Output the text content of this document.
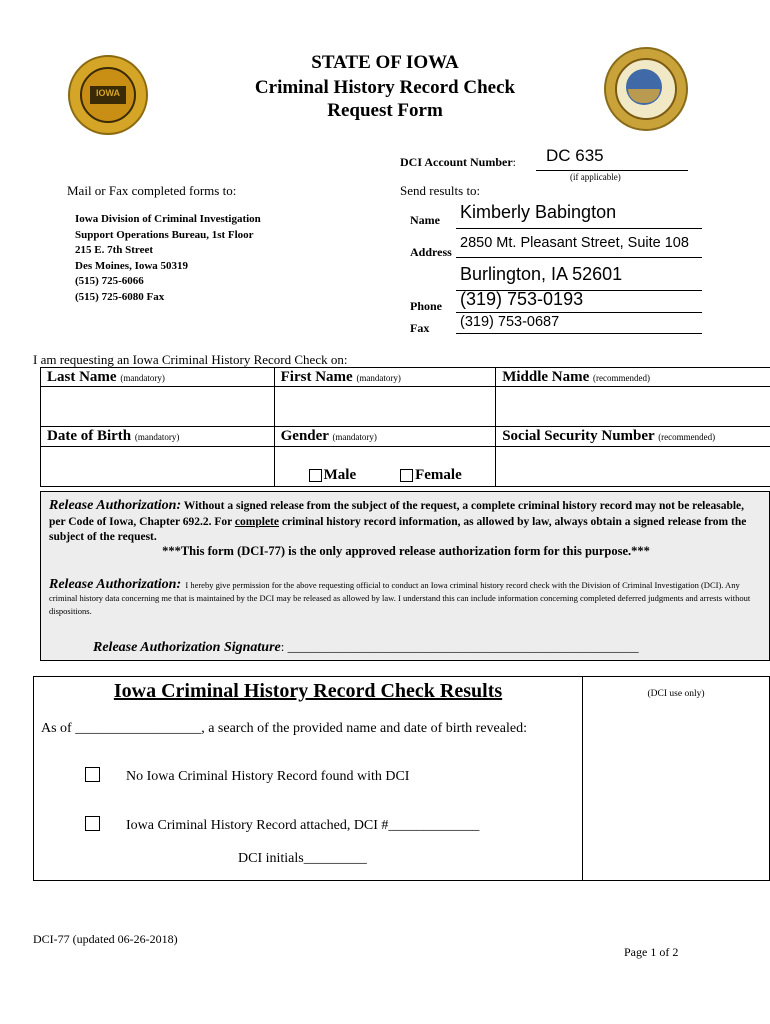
IOWA
STATE OF IOWA
Criminal History Record Check
Request Form
DCI Account Number:	DC 635
(if applicable)
Mail or Fax completed forms to:
Iowa Division of Criminal Investigation
Support Operations Bureau, 1st Floor
215 E. 7th Street
Des Moines, Iowa 50319
(515) 725-6066
(515) 725-6080 Fax
Send results to:
Name Kimberly Babington
Address
2850 Mt. Pleasant Street, Suite 108
Burlington, IA 52601
Phone (319) 753-0193
Fax (319) 753-0687
I am requesting an Iowa Criminal History Record Check on:
Last Name (mandatory)	First Name (mandatory)	Middle Name (recommended)

Date of Birth (mandatory)	Gender (mandatory)	Social Security Number (recommended)
	Male Female	
Release Authorization: Without a signed release from the subject of the request, a complete criminal history record may not be releasable, per Code of Iowa, Chapter 692.2. For complete criminal history record information, as allowed by law, always obtain a signed release from the subject of the request.
***This form (DCI-77) is the only approved release authorization form for this purpose.***
Release Authorization: I hereby give permission for the above requesting official to conduct an Iowa criminal history record check with the Division of Criminal Investigation (DCI). Any criminal history data concerning me that is maintained by the DCI may be released as allowed by law. I understand this can include information concerning completed deferred judgments and arrests without dispositions.
Release Authorization Signature: ______________________________________________________
Iowa Criminal History Record Check Results	(DCI use only)
As of __________________, a search of the provided name and date of birth revealed:
No Iowa Criminal History Record found with DCI
Iowa Criminal History Record attached, DCI #_____________
DCI initials_________
DCI-77 (updated 06-26-2018)
Page 1 of 2
